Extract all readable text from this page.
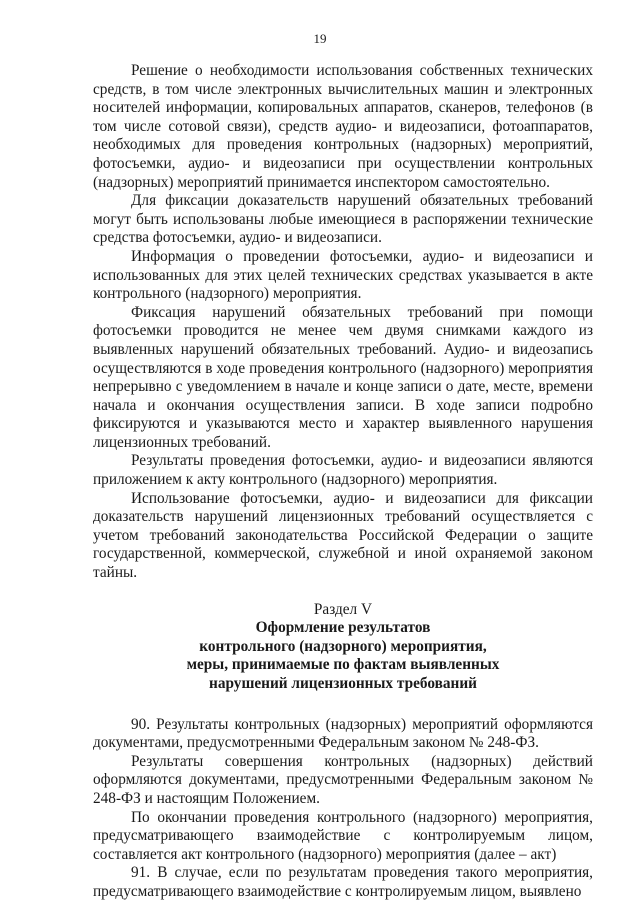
19

Решение о необходимости использования собственных технических средств, в том числе электронных вычислительных машин и электронных носителей информации, копировальных аппаратов, сканеров, телефонов (в том числе сотовой связи), средств аудио- и видеозаписи, фотоаппаратов, необходимых для проведения контрольных (надзорных) мероприятий, фотосъемки, аудио- и видеозаписи при осуществлении контрольных (надзорных) мероприятий принимается инспектором самостоятельно.

Для фиксации доказательств нарушений обязательных требований могут быть использованы любые имеющиеся в распоряжении технические средства фотосъемки, аудио- и видеозаписи.

Информация о проведении фотосъемки, аудио- и видеозаписи и использованных для этих целей технических средствах указывается в акте контрольного (надзорного) мероприятия.

Фиксация нарушений обязательных требований при помощи фотосъемки проводится не менее чем двумя снимками каждого из выявленных нарушений обязательных требований. Аудио- и видеозапись осуществляются в ходе проведения контрольного (надзорного) мероприятия непрерывно с уведомлением в начале и конце записи о дате, месте, времени начала и окончания осуществления записи. В ходе записи подробно фиксируются и указываются место и характер выявленного нарушения лицензионных требований.

Результаты проведения фотосъемки, аудио- и видеозаписи являются приложением к акту контрольного (надзорного) мероприятия.

Использование фотосъемки, аудио- и видеозаписи для фиксации доказательств нарушений лицензионных требований осуществляется с учетом требований законодательства Российской Федерации о защите государственной, коммерческой, служебной и иной охраняемой законом тайны.

Раздел V

Оформление результатов

контрольного (надзорного) мероприятия,

меры, принимаемые по фактам выявленных

нарушений лицензионных требований

90. Результаты контрольных (надзорных) мероприятий оформляются документами, предусмотренными Федеральным законом № 248-ФЗ.

Результаты совершения контрольных (надзорных) действий оформляются документами, предусмотренными Федеральным законом № 248-ФЗ и настоящим Положением.

По окончании проведения контрольного (надзорного) мероприятия, предусматривающего взаимодействие с контролируемым лицом, составляется акт контрольного (надзорного) мероприятия (далее – акт)

91. В случае, если по результатам проведения такого мероприятия, предусматривающего взаимодействие с контролируемым лицом, выявлено
